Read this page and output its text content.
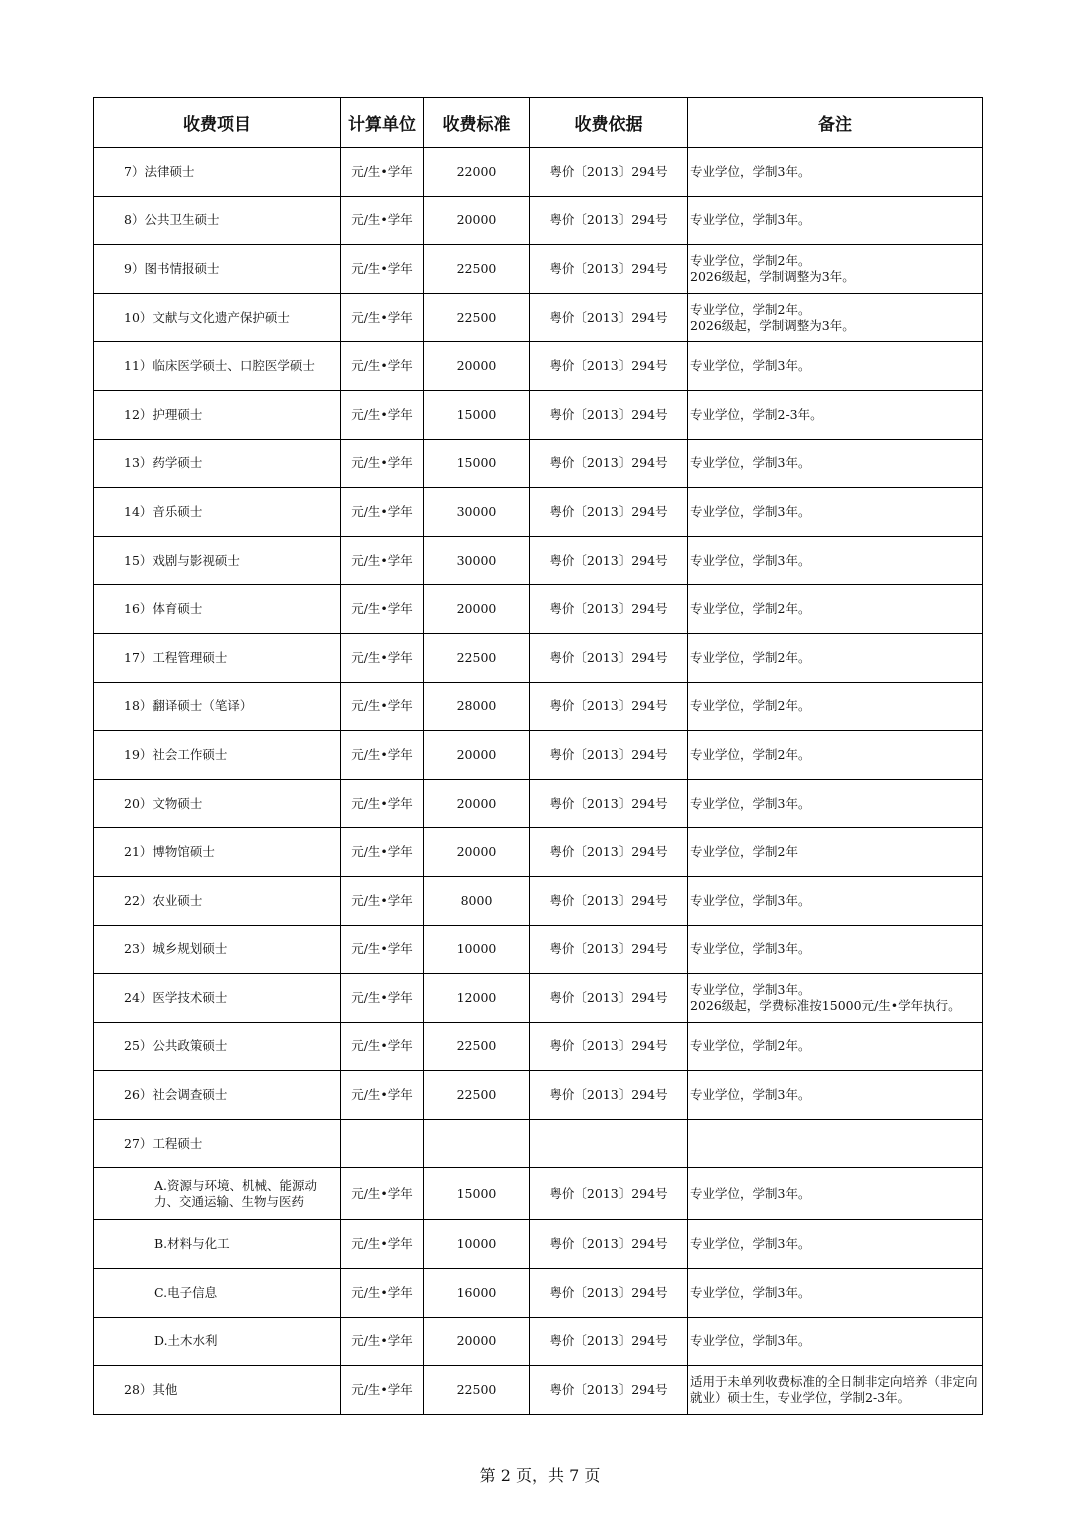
收费项目	计算单位	收费标准	收费依据	备注
7）法律硕士	元/生•学年	22000	粤价〔2013〕294号	专业学位，学制3年。

8）公共卫生硕士	元/生•学年	20000	粤价〔2013〕294号	专业学位，学制3年。

9）图书情报硕士	元/生•学年	22500	粤价〔2013〕294号	专业学位，学制2年。
2026级起，学制调整为3年。

10）文献与文化遗产保护硕士	元/生•学年	22500	粤价〔2013〕294号	专业学位，学制2年。
2026级起，学制调整为3年。

11）临床医学硕士、口腔医学硕士	元/生•学年	20000	粤价〔2013〕294号	专业学位，学制3年。

12）护理硕士	元/生•学年	15000	粤价〔2013〕294号	专业学位，学制2-3年。

13）药学硕士	元/生•学年	15000	粤价〔2013〕294号	专业学位，学制3年。

14）音乐硕士	元/生•学年	30000	粤价〔2013〕294号	专业学位，学制3年。

15）戏剧与影视硕士	元/生•学年	30000	粤价〔2013〕294号	专业学位，学制3年。

16）体育硕士	元/生•学年	20000	粤价〔2013〕294号	专业学位，学制2年。

17）工程管理硕士	元/生•学年	22500	粤价〔2013〕294号	专业学位，学制2年。

18）翻译硕士（笔译）	元/生•学年	28000	粤价〔2013〕294号	专业学位，学制2年。

19）社会工作硕士	元/生•学年	20000	粤价〔2013〕294号	专业学位，学制2年。

20）文物硕士	元/生•学年	20000	粤价〔2013〕294号	专业学位，学制3年。

21）博物馆硕士	元/生•学年	20000	粤价〔2013〕294号	专业学位，学制2年

22）农业硕士	元/生•学年	8000	粤价〔2013〕294号	专业学位，学制3年。

23）城乡规划硕士	元/生•学年	10000	粤价〔2013〕294号	专业学位，学制3年。

24）医学技术硕士	元/生•学年	12000	粤价〔2013〕294号	专业学位，学制3年。
2026级起，学费标准按15000元/生•学年执行。

25）公共政策硕士	元/生•学年	22500	粤价〔2013〕294号	专业学位，学制2年。

26）社会调查硕士	元/生•学年	22500	粤价〔2013〕294号	专业学位，学制3年。

27）工程硕士				
A.资源与环境、机械、能源动力、交通运输、生物与医药	元/生•学年	15000	粤价〔2013〕294号	专业学位，学制3年。

B.材料与化工	元/生•学年	10000	粤价〔2013〕294号	专业学位，学制3年。

C.电子信息	元/生•学年	16000	粤价〔2013〕294号	专业学位，学制3年。

D.土木水利	元/生•学年	20000	粤价〔2013〕294号	专业学位，学制3年。

28）其他	元/生•学年	22500	粤价〔2013〕294号	适用于未单列收费标准的全日制非定向培养（非定向就业）硕士生，专业学位，学制2-3年。
第 2 页，共 7 页
